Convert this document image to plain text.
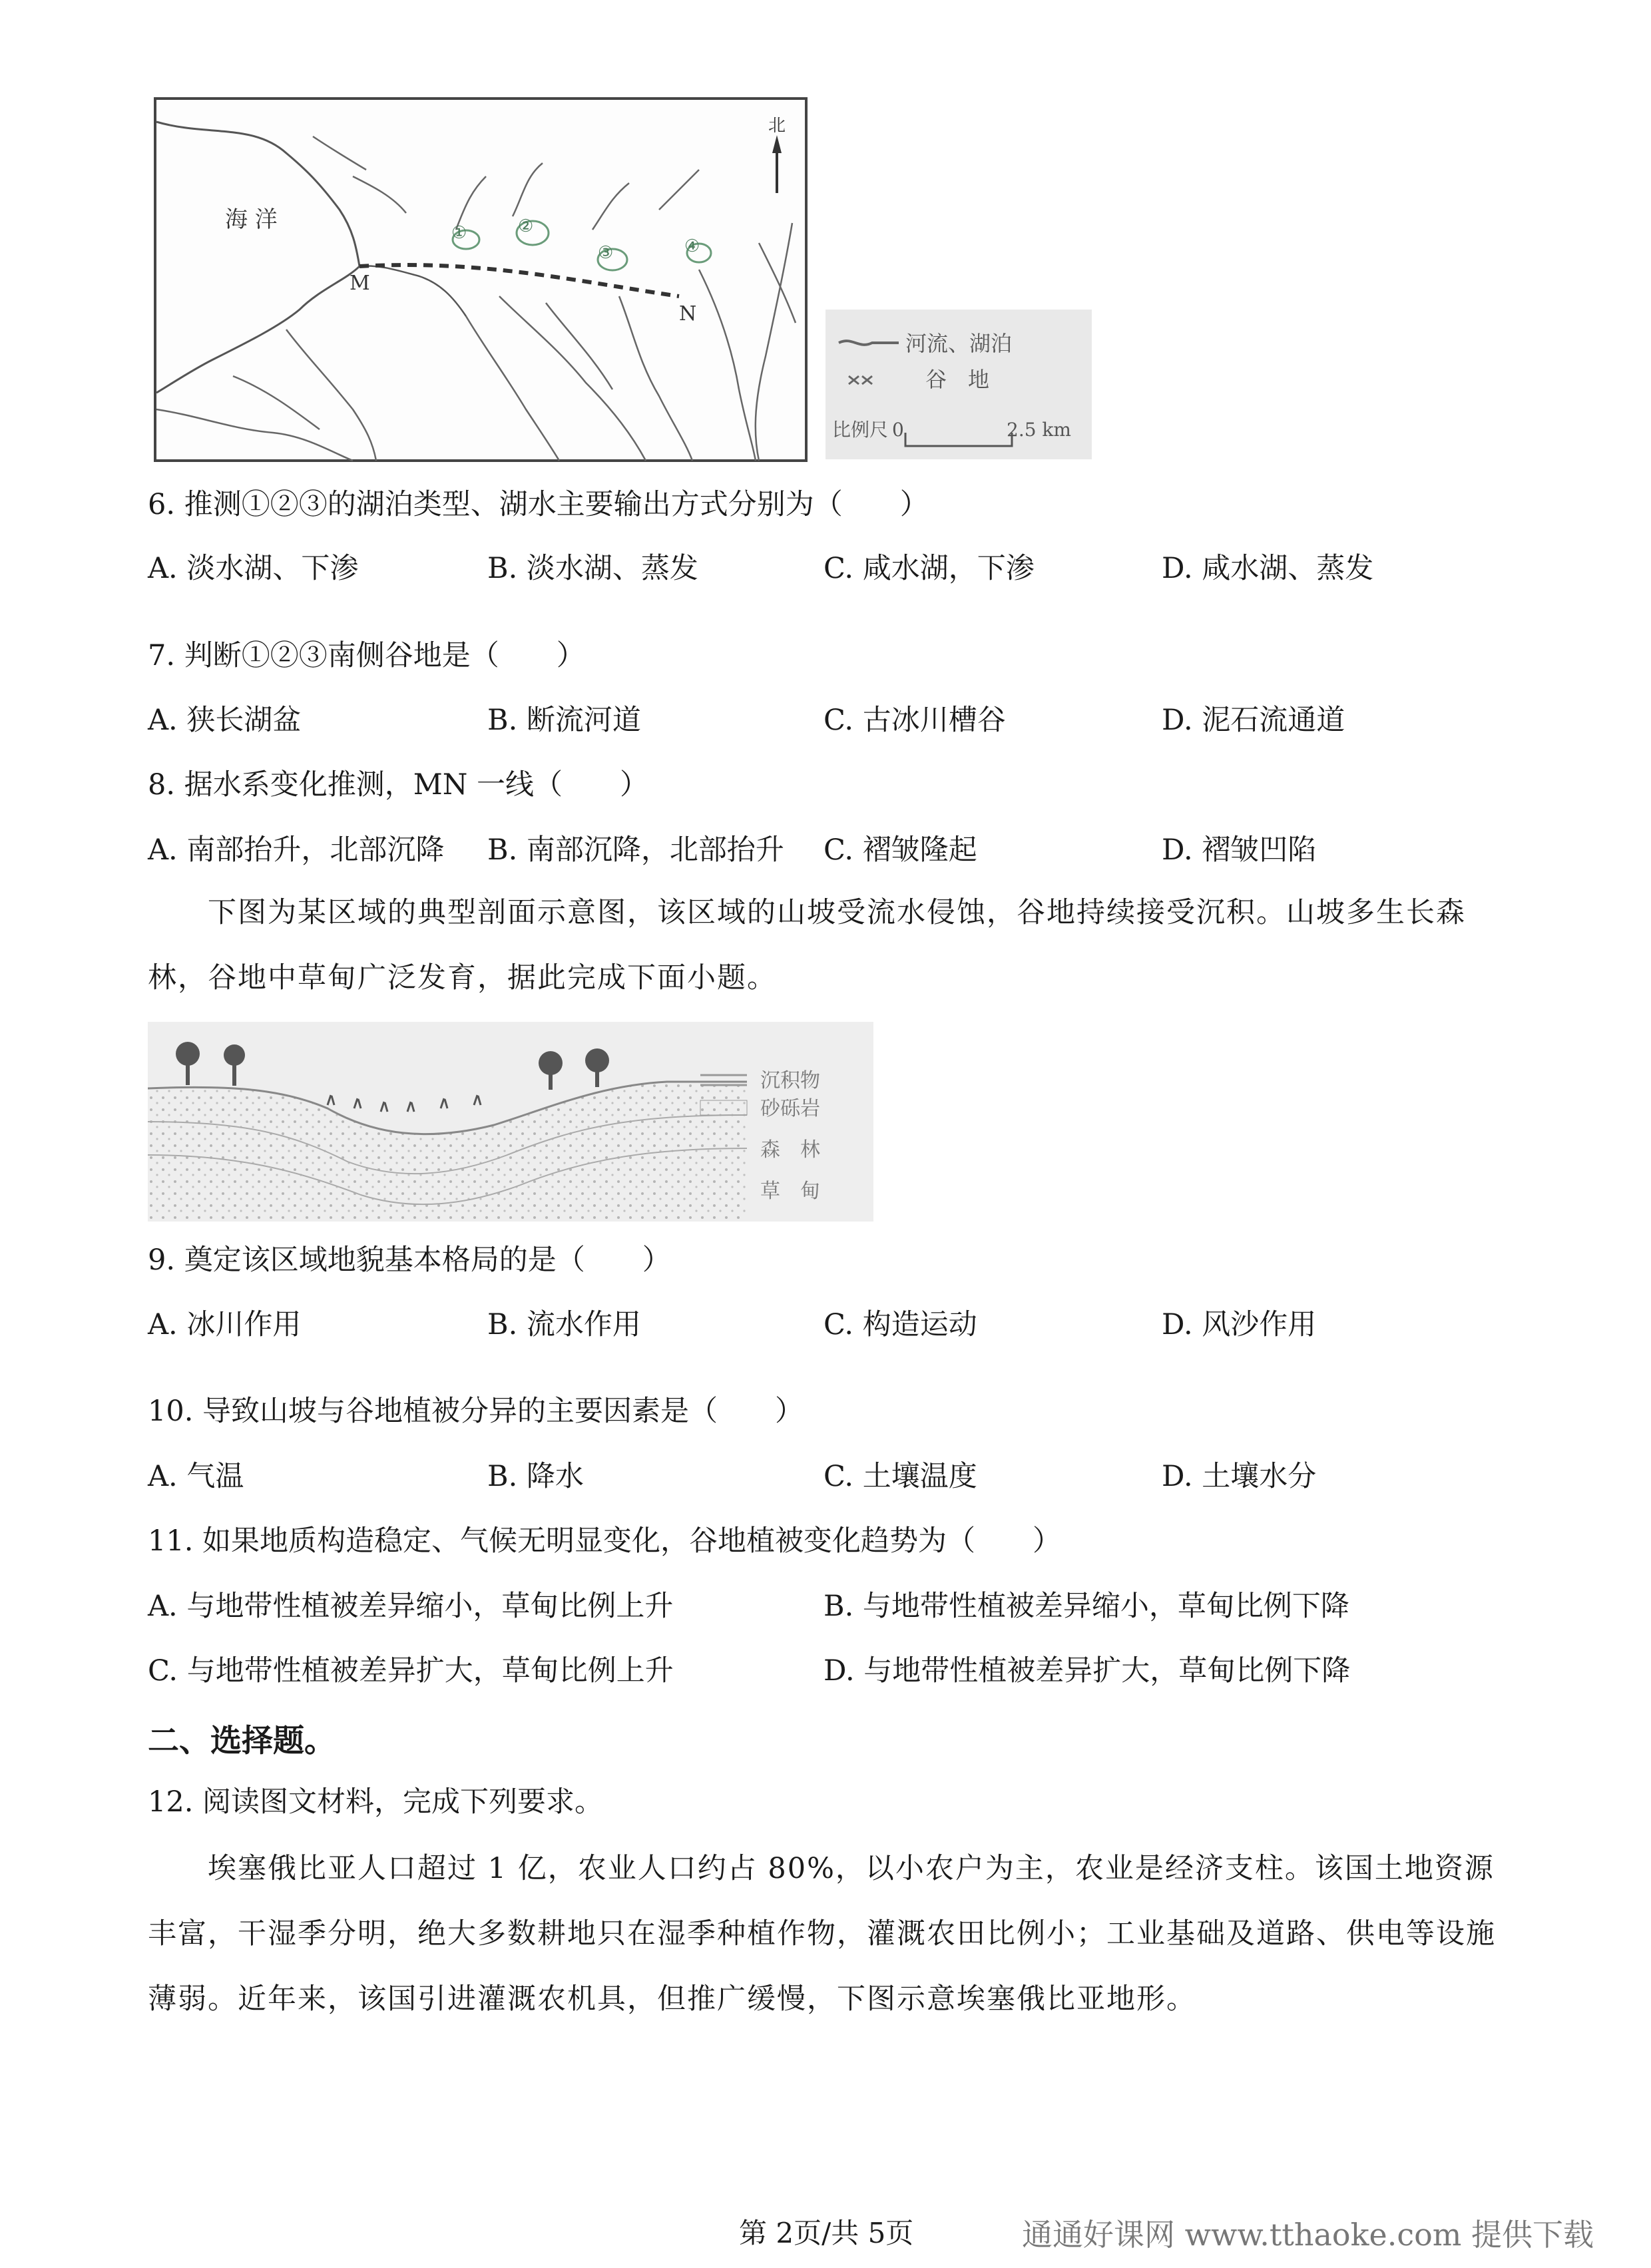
海 洋	①	②
③	④
M
N
北
河流、湖泊
谷　地
比例尺 0	2.5 km
6. 推测①②③的湖泊类型、湖水主要输出方式分别为（　　）
A. 淡水湖、下渗	B. 淡水湖、蒸发	C. 咸水湖，下渗	D. 咸水湖、蒸发
7. 判断①②③南侧谷地是（　　）
A. 狭长湖盆	B. 断流河道	C. 古冰川槽谷	D. 泥石流通道
8. 据水系变化推测，MN 一线（　　）
A. 南部抬升，北部沉降 B. 南部沉降，北部抬升 C. 褶皱隆起	D. 褶皱凹陷
下图为某区域的典型剖面示意图，该区域的山坡受流水侵蚀，谷地持续接受沉积。山坡多生长森林，谷地中草甸广泛发育，据此完成下面小题。
沉积物
砂砾岩
森　林
草　甸
9. 奠定该区域地貌基本格局的是（　　）
A. 冰川作用	B. 流水作用	C. 构造运动	D. 风沙作用
10. 导致山坡与谷地植被分异的主要因素是（　　）
A. 气温	B. 降水	C. 土壤温度	D. 土壤水分
11. 如果地质构造稳定、气候无明显变化，谷地植被变化趋势为（　　）
A. 与地带性植被差异缩小，草甸比例上升	B. 与地带性植被差异缩小，草甸比例下降
C. 与地带性植被差异扩大，草甸比例上升	D. 与地带性植被差异扩大，草甸比例下降
二、选择题。
12. 阅读图文材料，完成下列要求。
埃塞俄比亚人口超过 1 亿，农业人口约占 80%，以小农户为主，农业是经济支柱。该国土地资源丰富，干湿季分明，绝大多数耕地只在湿季种植作物，灌溉农田比例小；工业基础及道路、供电等设施薄弱。近年来，该国引进灌溉农机具，但推广缓慢，下图示意埃塞俄比亚地形。
第 2页/共 5页	通通好课网 www.tthaoke.com 提供下载
